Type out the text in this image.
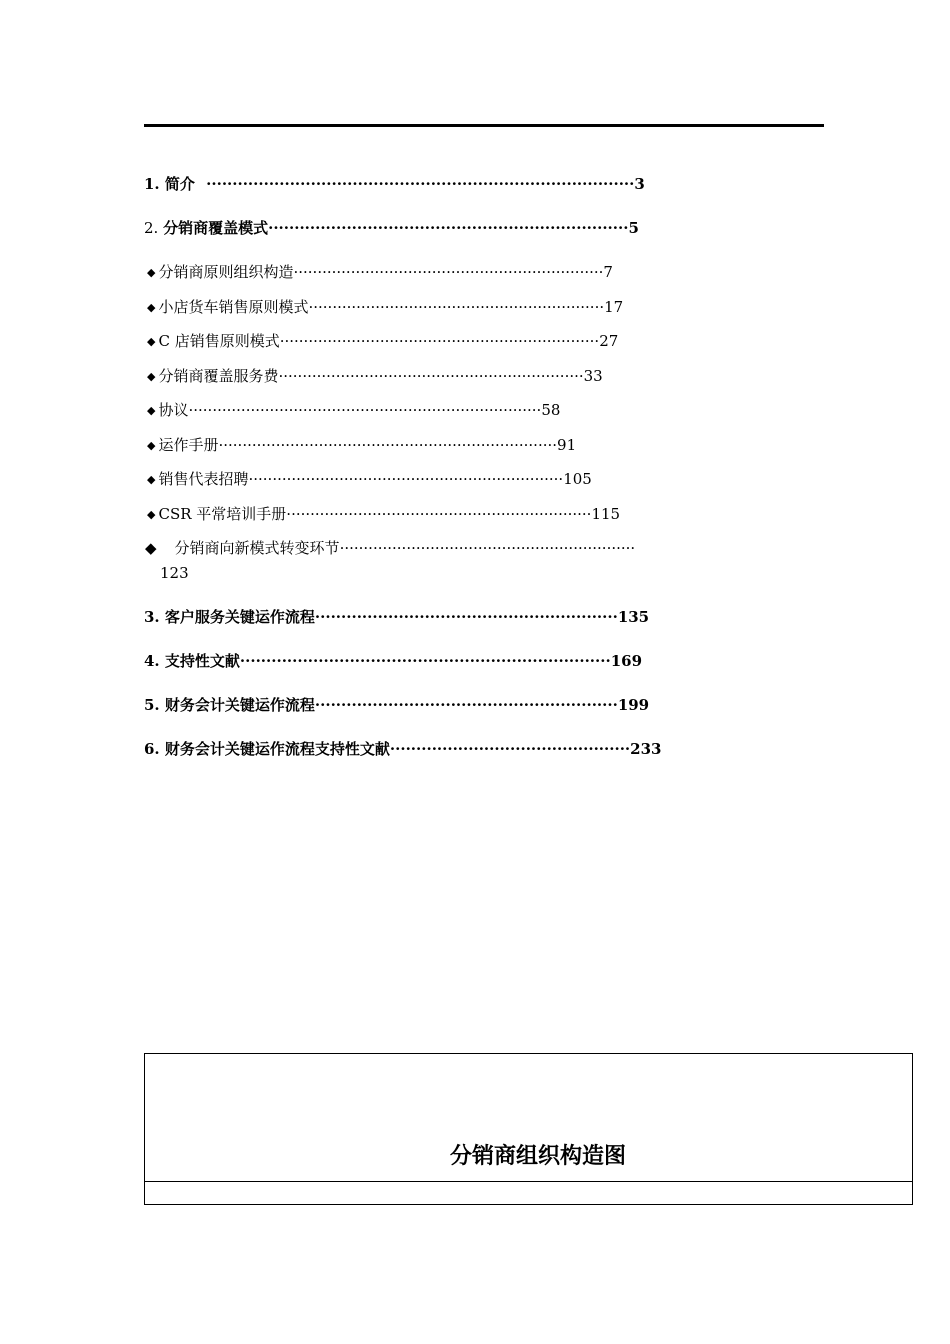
1. 简介 ··················································································3
2. 分销商覆盖模式·····································································5
◆ 分销商原则组织构造·································································7
◆ 小店货车销售原则模式······························································17
◆ C 店销售原则模式···································································27
◆ 分销商覆盖服务费································································33
◆ 协议··········································································58
◆ 运作手册·······································································91
◆ 销售代表招聘··································································105
◆ CSR 平常培训手册································································115
◆ 分销商向新模式转变环节······························································
123
3. 客户服务关键运作流程··························································135
4. 支持性文献·······································································169
5. 财务会计关键运作流程··························································199
6. 财务会计关键运作流程支持性文献··············································233
分销商组织构造图
